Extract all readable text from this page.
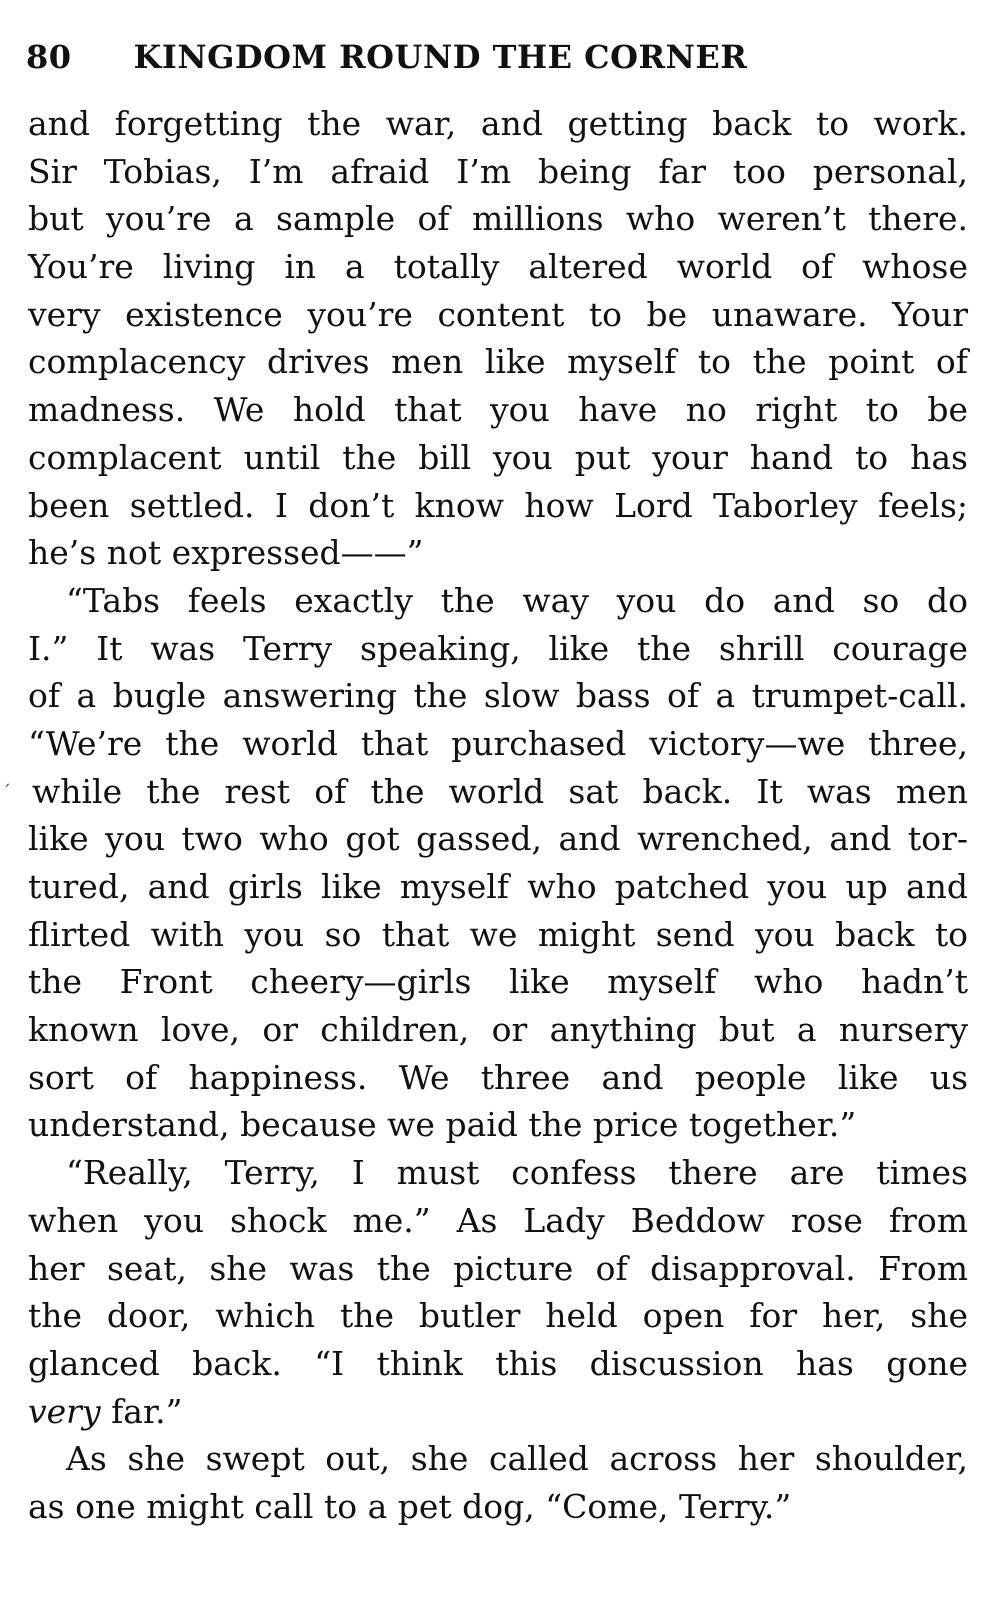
80 KINGDOM ROUND THE CORNER
and forgetting the war, and getting back to work.
Sir Tobias, I’m afraid I’m being far too personal,
but you’re a sample of millions who weren’t there.
You’re living in a totally altered world of whose
very existence you’re content to be unaware. Your
complacency drives men like myself to the point of
madness. We hold that you have no right to be
complacent until the bill you put your hand to has
been settled. I don’t know how Lord Taborley feels;
he’s not expressed——”
“Tabs feels exactly the way you do and so do
I.” It was Terry speaking, like the shrill courage
of a bugle answering the slow bass of a trumpet-call.
“We’re the world that purchased victory—we three,
while the rest of the world sat back. It was men
like you two who got gassed, and wrenched, and tor-
tured, and girls like myself who patched you up and
flirted with you so that we might send you back to
the Front cheery—girls like myself who hadn’t
known love, or children, or anything but a nursery
sort of happiness. We three and people like us
understand, because we paid the price together.”
“Really, Terry, I must confess there are times
when you shock me.” As Lady Beddow rose from
her seat, she was the picture of disapproval. From
the door, which the butler held open for her, she
glanced back. “I think this discussion has gone
very far.”
As she swept out, she called across her shoulder,
as one might call to a pet dog, “Come, Terry.”
ˊ
